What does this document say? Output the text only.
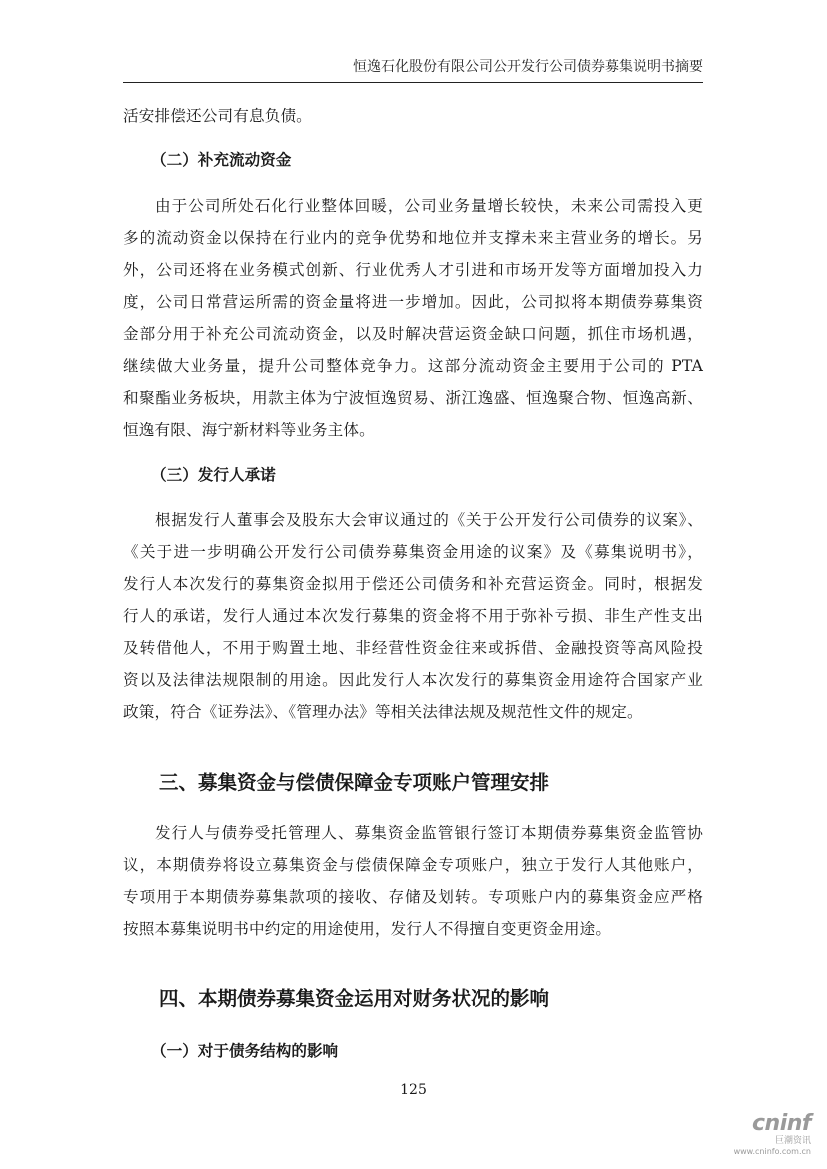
恒逸石化股份有限公司公开发行公司债券募集说明书摘要
活安排偿还公司有息负债。
（二）补充流动资金
由于公司所处石化行业整体回暖，公司业务量增长较快，未来公司需投入更
多的流动资金以保持在行业内的竞争优势和地位并支撑未来主营业务的增长。另
外，公司还将在业务模式创新、行业优秀人才引进和市场开发等方面增加投入力
度，公司日常营运所需的资金量将进一步增加。因此，公司拟将本期债券募集资
金部分用于补充公司流动资金，以及时解决营运资金缺口问题，抓住市场机遇，
继续做大业务量，提升公司整体竞争力。这部分流动资金主要用于公司的 PTA
和聚酯业务板块，用款主体为宁波恒逸贸易、浙江逸盛、恒逸聚合物、恒逸高新、
恒逸有限、海宁新材料等业务主体。
（三）发行人承诺
根据发行人董事会及股东大会审议通过的《关于公开发行公司债券的议案》、
《关于进一步明确公开发行公司债券募集资金用途的议案》及《募集说明书》，
发行人本次发行的募集资金拟用于偿还公司债务和补充营运资金。同时，根据发
行人的承诺，发行人通过本次发行募集的资金将不用于弥补亏损、非生产性支出
及转借他人，不用于购置土地、非经营性资金往来或拆借、金融投资等高风险投
资以及法律法规限制的用途。因此发行人本次发行的募集资金用途符合国家产业
政策，符合《证券法》、《管理办法》等相关法律法规及规范性文件的规定。
三、募集资金与偿债保障金专项账户管理安排
发行人与债券受托管理人、募集资金监管银行签订本期债券募集资金监管协
议，本期债券将设立募集资金与偿债保障金专项账户，独立于发行人其他账户，
专项用于本期债券募集款项的接收、存储及划转。专项账户内的募集资金应严格
按照本募集说明书中约定的用途使用，发行人不得擅自变更资金用途。
四、本期债券募集资金运用对财务状况的影响
（一）对于债务结构的影响
125
cninf
巨潮资讯
www.cninfo.com.cn
